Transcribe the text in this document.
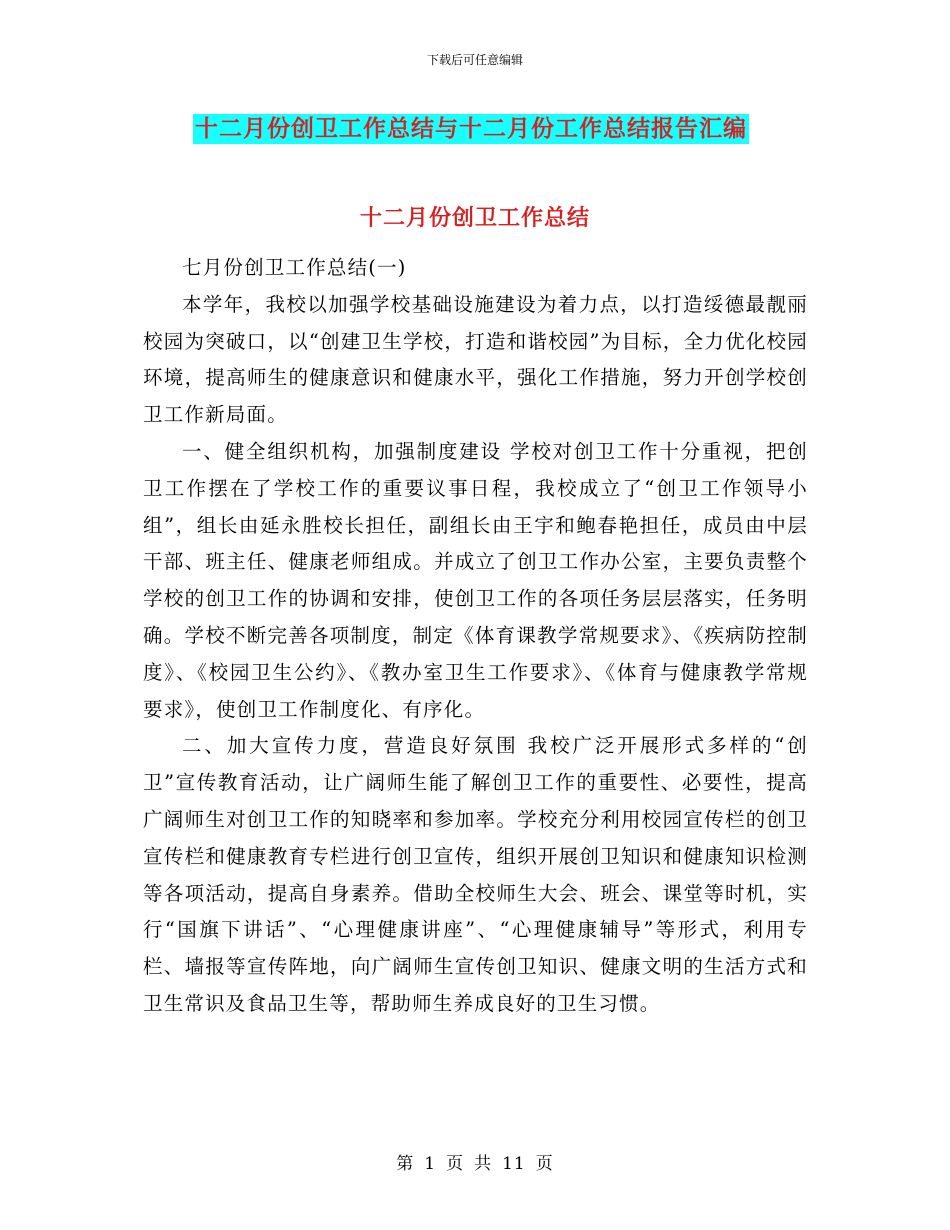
下载后可任意编辑
十二月份创卫工作总结与十二月份工作总结报告汇编
十二月份创卫工作总结

七月份创卫工作总结(一)

本学年，我校以加强学校基础设施建设为着力点，以打造绥德最靓丽校园为突破口，以“创建卫生学校，打造和谐校园”为目标，全力优化校园环境，提高师生的健康意识和健康水平，强化工作措施，努力开创学校创卫工作新局面。

一、健全组织机构，加强制度建设 学校对创卫工作十分重视，把创卫工作摆在了学校工作的重要议事日程，我校成立了“创卫工作领导小组”，组长由延永胜校长担任，副组长由王宇和鲍春艳担任，成员由中层干部、班主任、健康老师组成。并成立了创卫工作办公室，主要负责整个学校的创卫工作的协调和安排，使创卫工作的各项任务层层落实，任务明确。学校不断完善各项制度，制定《体育课教学常规要求》、《疾病防控制度》、《校园卫生公约》、《教办室卫生工作要求》、《体育与健康教学常规要求》，使创卫工作制度化、有序化。

二、加大宣传力度，营造良好氛围 我校广泛开展形式多样的“创卫”宣传教育活动，让广阔师生能了解创卫工作的重要性、必要性，提高广阔师生对创卫工作的知晓率和参加率。学校充分利用校园宣传栏的创卫宣传栏和健康教育专栏进行创卫宣传，组织开展创卫知识和健康知识检测等各项活动，提高自身素养。借助全校师生大会、班会、课堂等时机，实行“国旗下讲话”、“心理健康讲座”、“心理健康辅导”等形式，利用专栏、墙报等宣传阵地，向广阔师生宣传创卫知识、健康文明的生活方式和卫生常识及食品卫生等，帮助师生养成良好的卫生习惯。

第 1 页 共 11 页
